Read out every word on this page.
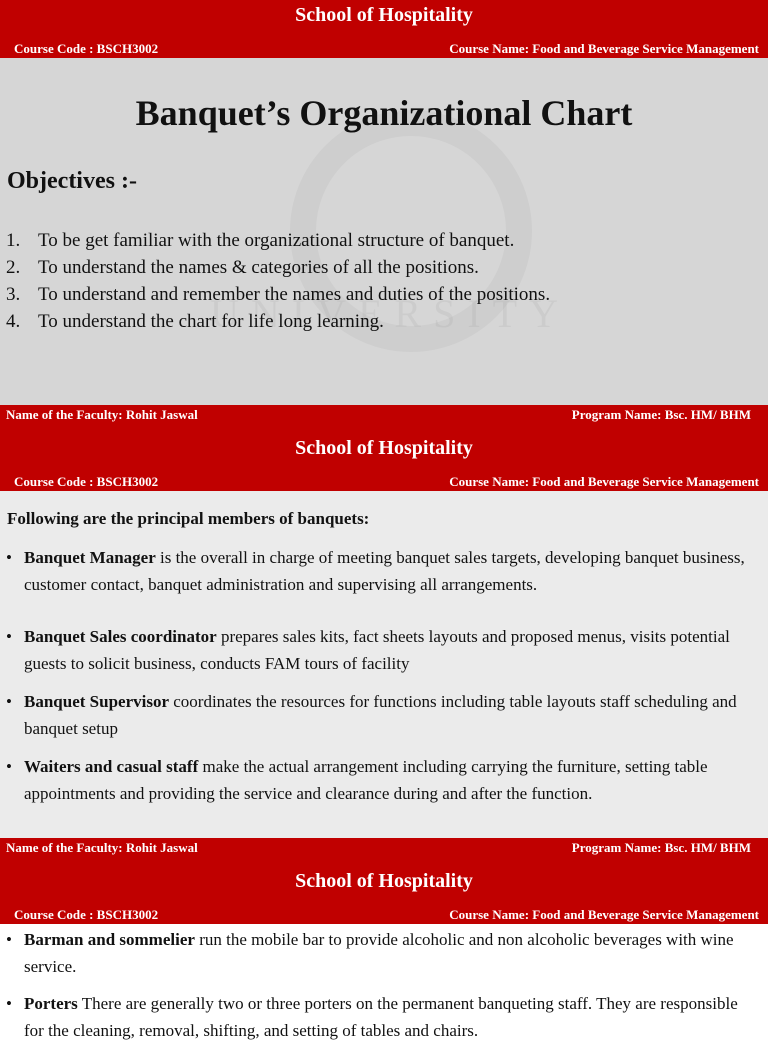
School of Hospitality
Course Code : BSCH3002	Course Name: Food and Beverage Service Management
Banquet’s Organizational Chart
Objectives :-
1. To be get familiar with the organizational structure of banquet.
2. To understand the names & categories of all the positions.
3. To understand and remember the names and duties of the positions.
4. To understand the chart for life long learning.
Name of the Faculty: Rohit Jaswal	Program Name: Bsc. HM/ BHM
School of Hospitality
Course Code : BSCH3002	Course Name: Food and Beverage Service Management
Following are the principal members of banquets:
• Banquet Manager is the overall in charge of meeting banquet sales targets, developing banquet business, customer contact, banquet administration and supervising all arrangements.
• Banquet Sales coordinator prepares sales kits, fact sheets layouts and proposed menus, visits potential guests to solicit business, conducts FAM tours of facility
• Banquet Supervisor coordinates the resources for functions including table layouts staff scheduling and banquet setup
• Waiters and casual staff make the actual arrangement including carrying the furniture, setting table appointments and providing the service and clearance during and after the function.
Name of the Faculty: Rohit Jaswal	Program Name: Bsc. HM/ BHM
School of Hospitality
Course Code : BSCH3002	Course Name: Food and Beverage Service Management
• Barman and sommelier run the mobile bar to provide alcoholic and non alcoholic beverages with wine service.
• Porters There are generally two or three porters on the permanent banqueting staff. They are responsible for the cleaning, removal, shifting, and setting of tables and chairs.
